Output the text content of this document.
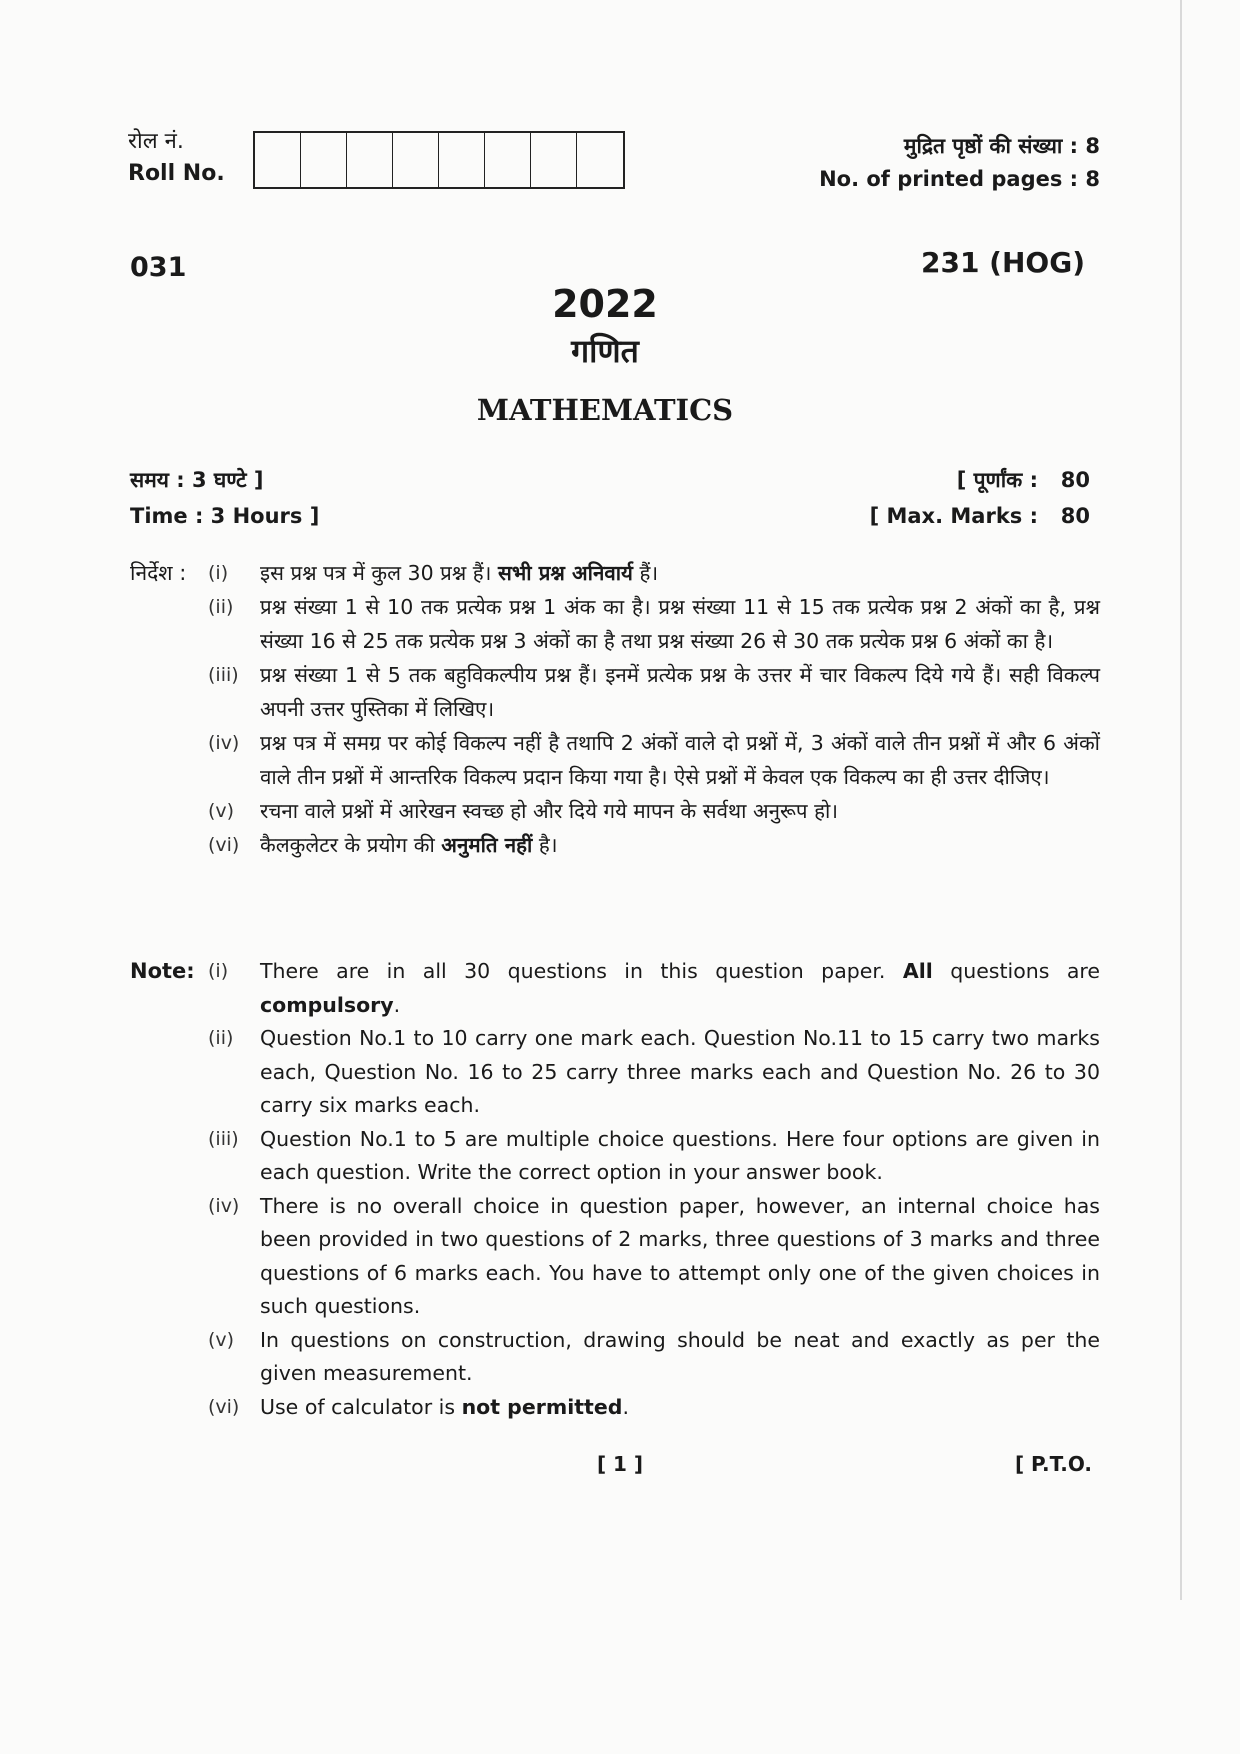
रोल नं.
Roll No.
मुद्रित पृष्ठों की संख्या : 8
No. of printed pages : 8
031	231 (HOG)
2022
गणित
MATHEMATICS
समय : 3 घण्टे ]
Time : 3 Hours ]
[ पूर्णांक : 80
[ Max. Marks : 80
निर्देश :	(i)	इस प्रश्न पत्र में कुल 30 प्रश्न हैं। सभी प्रश्न अनिवार्य हैं।
(ii)	प्रश्न संख्या 1 से 10 तक प्रत्येक प्रश्न 1 अंक का है। प्रश्न संख्या 11 से 15 तक प्रत्येक प्रश्न 2 अंकों का है, प्रश्न संख्या 16 से 25 तक प्रत्येक प्रश्न 3 अंकों का है तथा प्रश्न संख्या 26 से 30 तक प्रत्येक प्रश्न 6 अंकों का है।
(iii)	प्रश्न संख्या 1 से 5 तक बहुविकल्पीय प्रश्न हैं। इनमें प्रत्येक प्रश्न के उत्तर में चार विकल्प दिये गये हैं। सही विकल्प अपनी उत्तर पुस्तिका में लिखिए।
(iv)	प्रश्न पत्र में समग्र पर कोई विकल्प नहीं है तथापि 2 अंकों वाले दो प्रश्नों में, 3 अंकों वाले तीन प्रश्नों में और 6 अंकों वाले तीन प्रश्नों में आन्तरिक विकल्प प्रदान किया गया है। ऐसे प्रश्नों में केवल एक विकल्प का ही उत्तर दीजिए।
(v)	रचना वाले प्रश्नों में आरेखन स्वच्छ हो और दिये गये मापन के सर्वथा अनुरूप हो।
(vi)	कैलकुलेटर के प्रयोग की अनुमति नहीं है।
Note: (i)	There are in all 30 questions in this question paper. All questions are compulsory.
(ii)	Question No.1 to 10 carry one mark each. Question No.11 to 15 carry two marks each, Question No. 16 to 25 carry three marks each and Question No. 26 to 30 carry six marks each.
(iii)	Question No.1 to 5 are multiple choice questions. Here four options are given in each question. Write the correct option in your answer book.
(iv)	There is no overall choice in question paper, however, an internal choice has been provided in two questions of 2 marks, three questions of 3 marks and three questions of 6 marks each. You have to attempt only one of the given choices in such questions.
(v)	In questions on construction, drawing should be neat and exactly as per the given measurement.
(vi)	Use of calculator is not permitted.
[ 1 ]	[ P.T.O.
